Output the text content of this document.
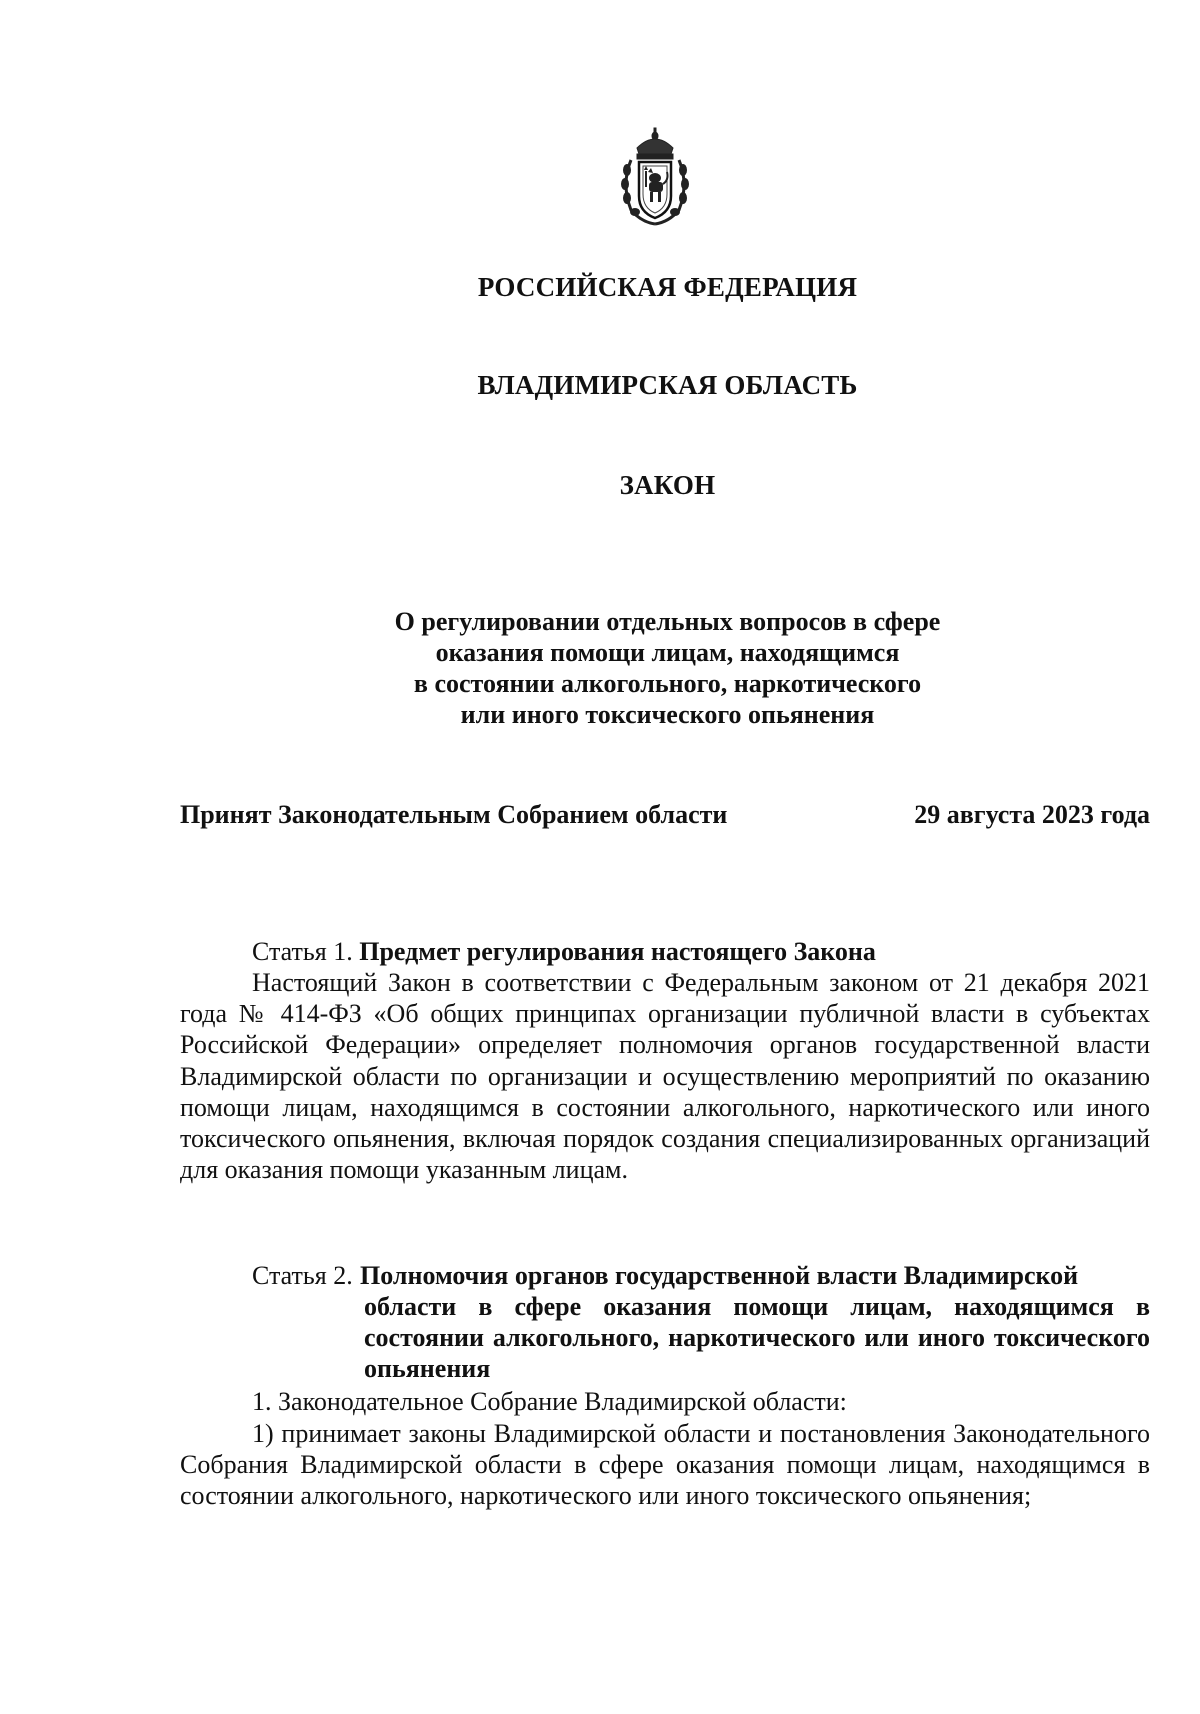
РОССИЙСКАЯ ФЕДЕРАЦИЯ
ВЛАДИМИРСКАЯ ОБЛАСТЬ
ЗАКОН
О регулировании отдельных вопросов в сфере
оказания помощи лицам, находящимся
в состоянии алкогольного, наркотического
или иного токсического опьянения
Принят Законодательным Собранием области	29 августа 2023 года
Статья 1. Предмет регулирования настоящего Закона
Настоящий Закон в соответствии с Федеральным законом от 21 декабря 2021 года № 414-ФЗ «Об общих принципах организации публичной власти в субъектах Российской Федерации» определяет полномочия органов государственной власти Владимирской области по организации и осуществлению мероприятий по оказанию помощи лицам, находящимся в состоянии алкогольного, наркотического или иного токсического опьянения, включая порядок создания специализированных организаций для оказания помощи указанным лицам.
Статья 2. Полномочия органов государственной власти Владимирской
области в сфере оказания помощи лицам, находящимся в состоянии алкогольного, наркотического или иного токсического опьянения
1. Законодательное Собрание Владимирской области:
1) принимает законы Владимирской области и постановления Законодательного Собрания Владимирской области в сфере оказания помощи лицам, находящимся в состоянии алкогольного, наркотического или иного токсического опьянения;
